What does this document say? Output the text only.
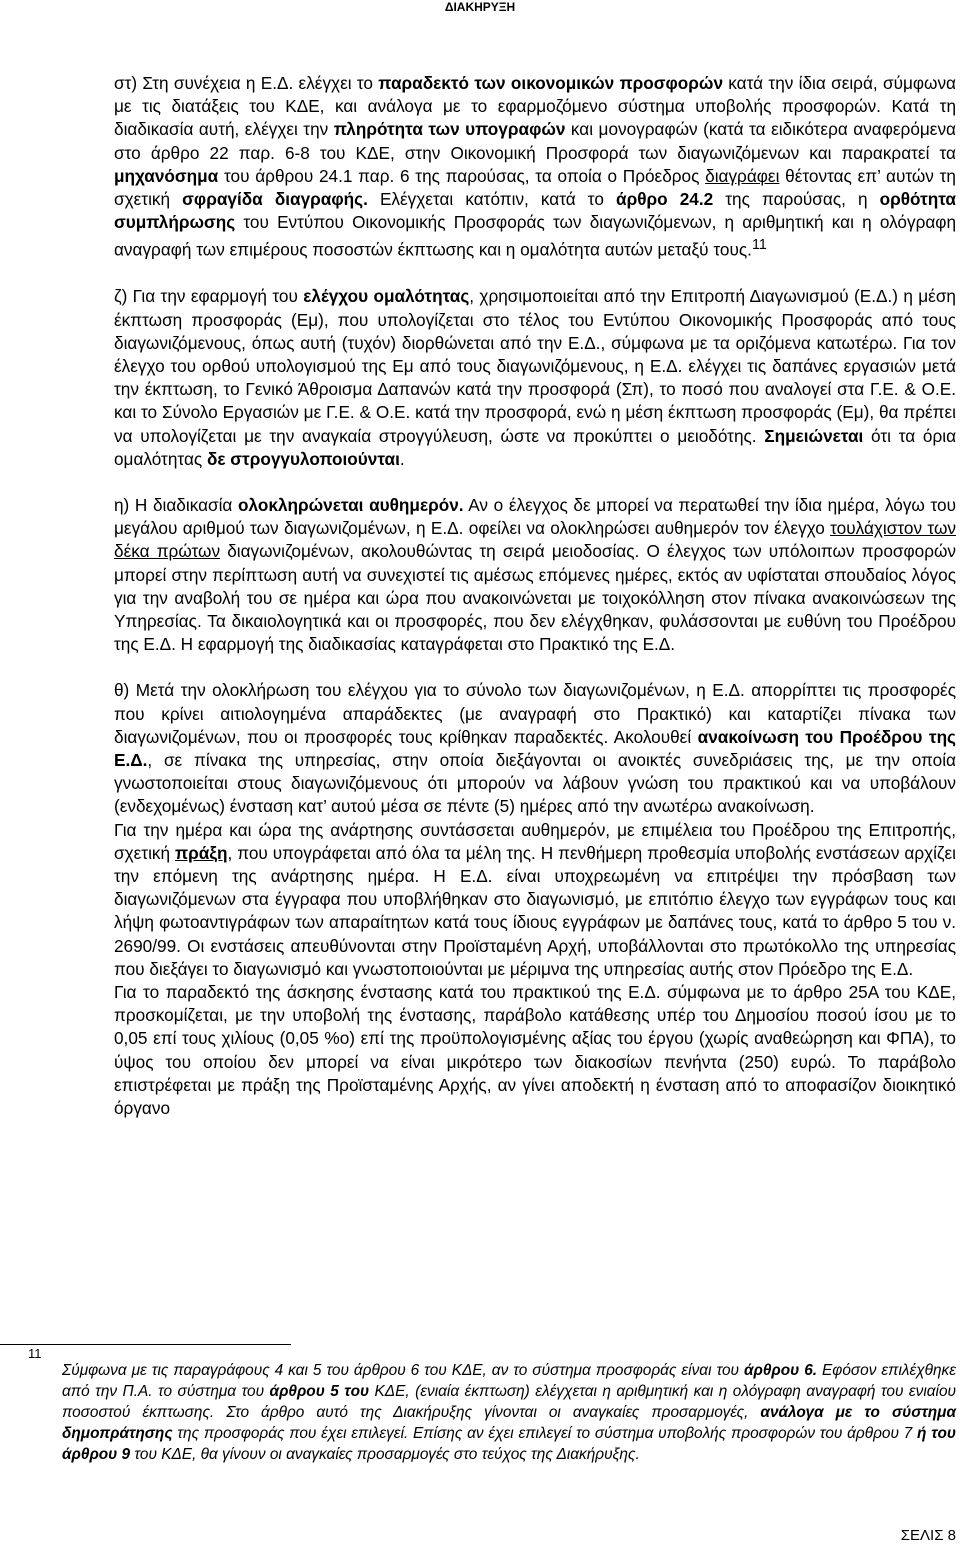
ΔΙΑΚΗΡΥΞΗ

στ) Στη συνέχεια η Ε.Δ. ελέγχει το παραδεκτό των οικονομικών προσφορών κατά την ίδια σειρά, σύμφωνα με τις διατάξεις του ΚΔΕ, και ανάλογα με το εφαρμοζόμενο σύστημα υποβολής προσφορών. Κατά τη διαδικασία αυτή, ελέγχει την πληρότητα των υπογραφών και μονογραφών (κατά τα ειδικότερα αναφερόμενα στο άρθρο 22 παρ. 6-8 του ΚΔΕ, στην Οικονομική Προσφορά των διαγωνιζόμενων και παρακρατεί τα μηχανόσημα του άρθρου 24.1 παρ. 6 της παρούσας, τα οποία ο Πρόεδρος διαγράφει θέτοντας επ’ αυτών τη σχετική σφραγίδα διαγραφής. Ελέγχεται κατόπιν, κατά το άρθρο 24.2 της παρούσας, η ορθότητα συμπλήρωσης του Εντύπου Οικονομικής Προσφοράς των διαγωνιζόμενων, η αριθμητική και η ολόγραφη αναγραφή των επιμέρους ποσοστών έκπτωσης και η ομαλότητα αυτών μεταξύ τους.$^{11}$

ζ) Για την εφαρμογή του ελέγχου ομαλότητας, χρησιμοποιείται από την Επιτροπή Διαγωνισμού (Ε.Δ.) η μέση έκπτωση προσφοράς (Εμ), που υπολογίζεται στο τέλος του Εντύπου Οικονομικής Προσφοράς από τους διαγωνιζόμενους, όπως αυτή (τυχόν) διορθώνεται από την Ε.Δ., σύμφωνα με τα οριζόμενα κατωτέρω. Για τον έλεγχο του ορθού υπολογισμού της Εμ από τους διαγωνιζόμενους, η Ε.Δ. ελέγχει τις δαπάνες εργασιών μετά την έκπτωση, το Γενικό Άθροισμα Δαπανών κατά την προσφορά (Σπ), το ποσό που αναλογεί στα Γ.Ε. & Ο.Ε. και το Σύνολο Εργασιών με Γ.Ε. & Ο.Ε. κατά την προσφορά, ενώ η μέση έκπτωση προσφοράς (Εμ), θα πρέπει να υπολογίζεται με την αναγκαία στρογγύλευση, ώστε να προκύπτει ο μειοδότης. Σημειώνεται ότι τα όρια ομαλότητας δε στρογγυλοποιούνται.

η) Η διαδικασία ολοκληρώνεται αυθημερόν. Αν ο έλεγχος δε μπορεί να περατωθεί την ίδια ημέρα, λόγω του μεγάλου αριθμού των διαγωνιζομένων, η Ε.Δ. οφείλει να ολοκληρώσει αυθημερόν τον έλεγχο τουλάχιστον των δέκα πρώτων διαγωνιζομένων, ακολουθώντας τη σειρά μειοδοσίας. Ο έλεγχος των υπόλοιπων προσφορών μπορεί στην περίπτωση αυτή να συνεχιστεί τις αμέσως επόμενες ημέρες, εκτός αν υφίσταται σπουδαίος λόγος για την αναβολή του σε ημέρα και ώρα που ανακοινώνεται με τοιχοκόλληση στον πίνακα ανακοινώσεων της Υπηρεσίας. Τα δικαιολογητικά και οι προσφορές, που δεν ελέγχθηκαν, φυλάσσονται με ευθύνη του Προέδρου της Ε.Δ. Η εφαρμογή της διαδικασίας καταγράφεται στο Πρακτικό της Ε.Δ.

θ) Μετά την ολοκλήρωση του ελέγχου για το σύνολο των διαγωνιζομένων, η Ε.Δ. απορρίπτει τις προσφορές που κρίνει αιτιολογημένα απαράδεκτες (με αναγραφή στο Πρακτικό) και καταρτίζει πίνακα των διαγωνιζομένων, που οι προσφορές τους κρίθηκαν παραδεκτές. Ακολουθεί ανακοίνωση του Προέδρου της Ε.Δ., σε πίνακα της υπηρεσίας, στην οποία διεξάγονται οι ανοικτές συνεδριάσεις της, με την οποία γνωστοποιείται στους διαγωνιζόμενους ότι μπορούν να λάβουν γνώση του πρακτικού και να υποβάλουν (ενδεχομένως) ένσταση κατ’ αυτού μέσα σε πέντε (5) ημέρες από την ανωτέρω ανακοίνωση.

Για την ημέρα και ώρα της ανάρτησης συντάσσεται αυθημερόν, με επιμέλεια του Προέδρου της Επιτροπής, σχετική πράξη, που υπογράφεται από όλα τα μέλη της. Η πενθήμερη προθεσμία υποβολής ενστάσεων αρχίζει την επόμενη της ανάρτησης ημέρα. Η Ε.Δ. είναι υποχρεωμένη να επιτρέψει την πρόσβαση των διαγωνιζόμενων στα έγγραφα που υποβλήθηκαν στο διαγωνισμό, με επιτόπιο έλεγχο των εγγράφων τους και λήψη φωτοαντιγράφων των απαραίτητων κατά τους ίδιους εγγράφων με δαπάνες τους, κατά το άρθρο 5 του ν. 2690/99. Οι ενστάσεις απευθύνονται στην Προϊσταμένη Αρχή, υποβάλλονται στο πρωτόκολλο της υπηρεσίας που διεξάγει το διαγωνισμό και γνωστοποιούνται με μέριμνα της υπηρεσίας αυτής στον Πρόεδρο της Ε.Δ.

Για το παραδεκτό της άσκησης ένστασης κατά του πρακτικού της Ε.Δ. σύμφωνα με το άρθρο 25Α του ΚΔΕ, προσκομίζεται, με την υποβολή της ένστασης, παράβολο κατάθεσης υπέρ του Δημοσίου ποσού ίσου με το 0,05 επί τους χιλίους (0,05 %ο) επί της προϋπολογισμένης αξίας του έργου (χωρίς αναθεώρηση και ΦΠΑ), το ύψος του οποίου δεν μπορεί να είναι μικρότερο των διακοσίων πενήντα (250) ευρώ. Το παράβολο επιστρέφεται με πράξη της Προϊσταμένης Αρχής, αν γίνει αποδεκτή η ένσταση από το αποφασίζον διοικητικό όργανο

11
Σύμφωνα με τις παραγράφους 4 και 5 του άρθρου 6 του ΚΔΕ, αν το σύστημα προσφοράς είναι του άρθρου 6. Εφόσον επιλέχθηκε από την Π.Α. το σύστημα του άρθρου 5 του ΚΔΕ, (ενιαία έκπτωση) ελέγχεται η αριθμητική και η ολόγραφη αναγραφή του ενιαίου ποσοστού έκπτωσης. Στο άρθρο αυτό της Διακήρυξης γίνονται οι αναγκαίες προσαρμογές, ανάλογα με το σύστημα δημοπράτησης της προσφοράς που έχει επιλεγεί. Επίσης αν έχει επιλεγεί το σύστημα υποβολής προσφορών του άρθρου 7 ή του άρθρου 9 του ΚΔΕ, θα γίνουν οι αναγκαίες προσαρμογές στο τεύχος της Διακήρυξης.
ΣΕΛΙΣ 8
